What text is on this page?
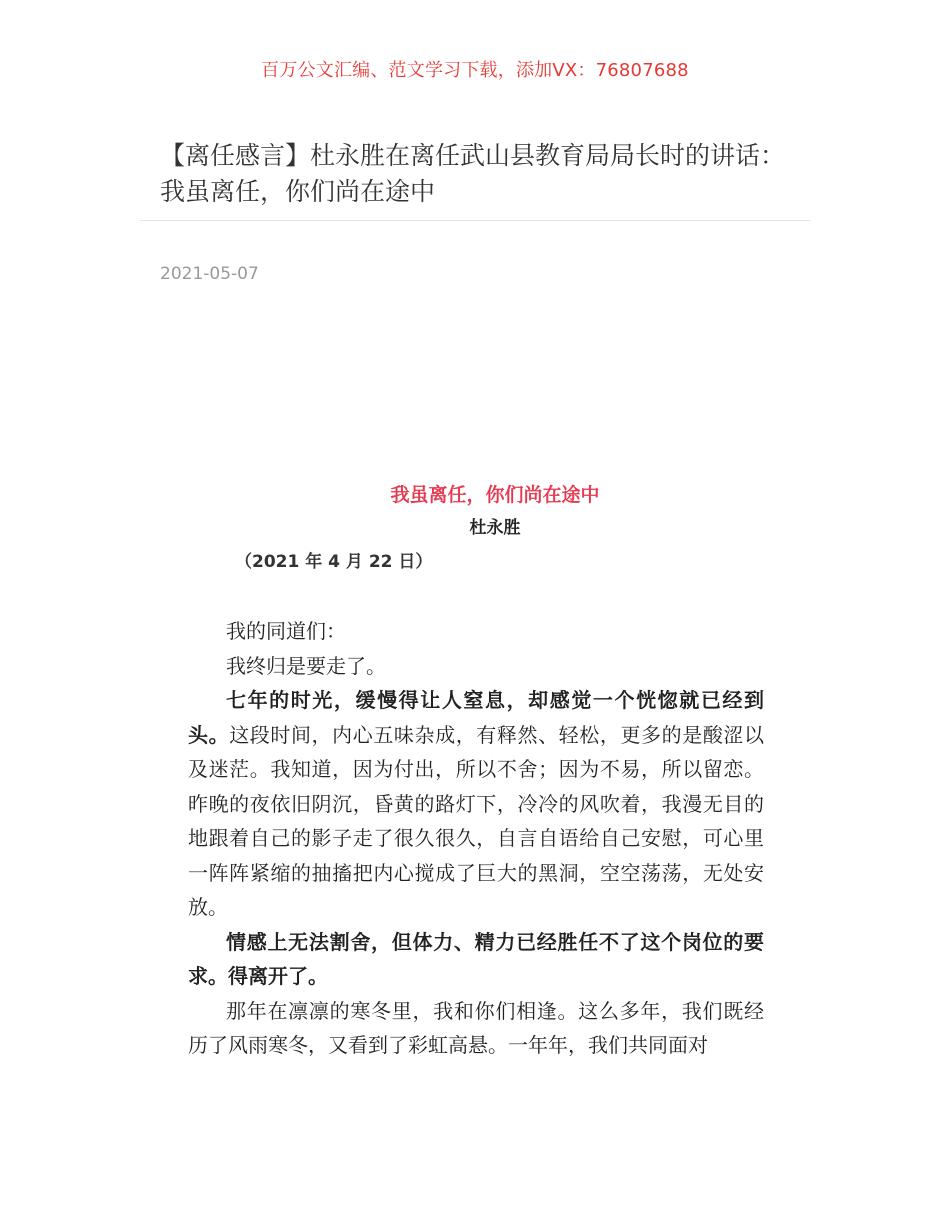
百万公文汇编、范文学习下载，添加VX：76807688
【离任感言】杜永胜在离任武山县教育局局长时的讲话：我虽离任，你们尚在途中
2021-05-07
我虽离任，你们尚在途中
杜永胜
（2021 年 4 月 22 日）

我的同道们：

我终归是要走了。

七年的时光，缓慢得让人窒息，却感觉一个恍惚就已经到头。这段时间，内心五味杂成，有释然、轻松，更多的是酸涩以及迷茫。我知道，因为付出，所以不舍；因为不易，所以留恋。昨晚的夜依旧阴沉，昏黄的路灯下，冷冷的风吹着，我漫无目的地跟着自己的影子走了很久很久，自言自语给自己安慰，可心里一阵阵紧缩的抽搐把内心搅成了巨大的黑洞，空空荡荡，无处安放。

情感上无法割舍，但体力、精力已经胜任不了这个岗位的要求。得离开了。

那年在凛凛的寒冬里，我和你们相逢。这么多年，我们既经历了风雨寒冬，又看到了彩虹高悬。一年年，我们共同面对
